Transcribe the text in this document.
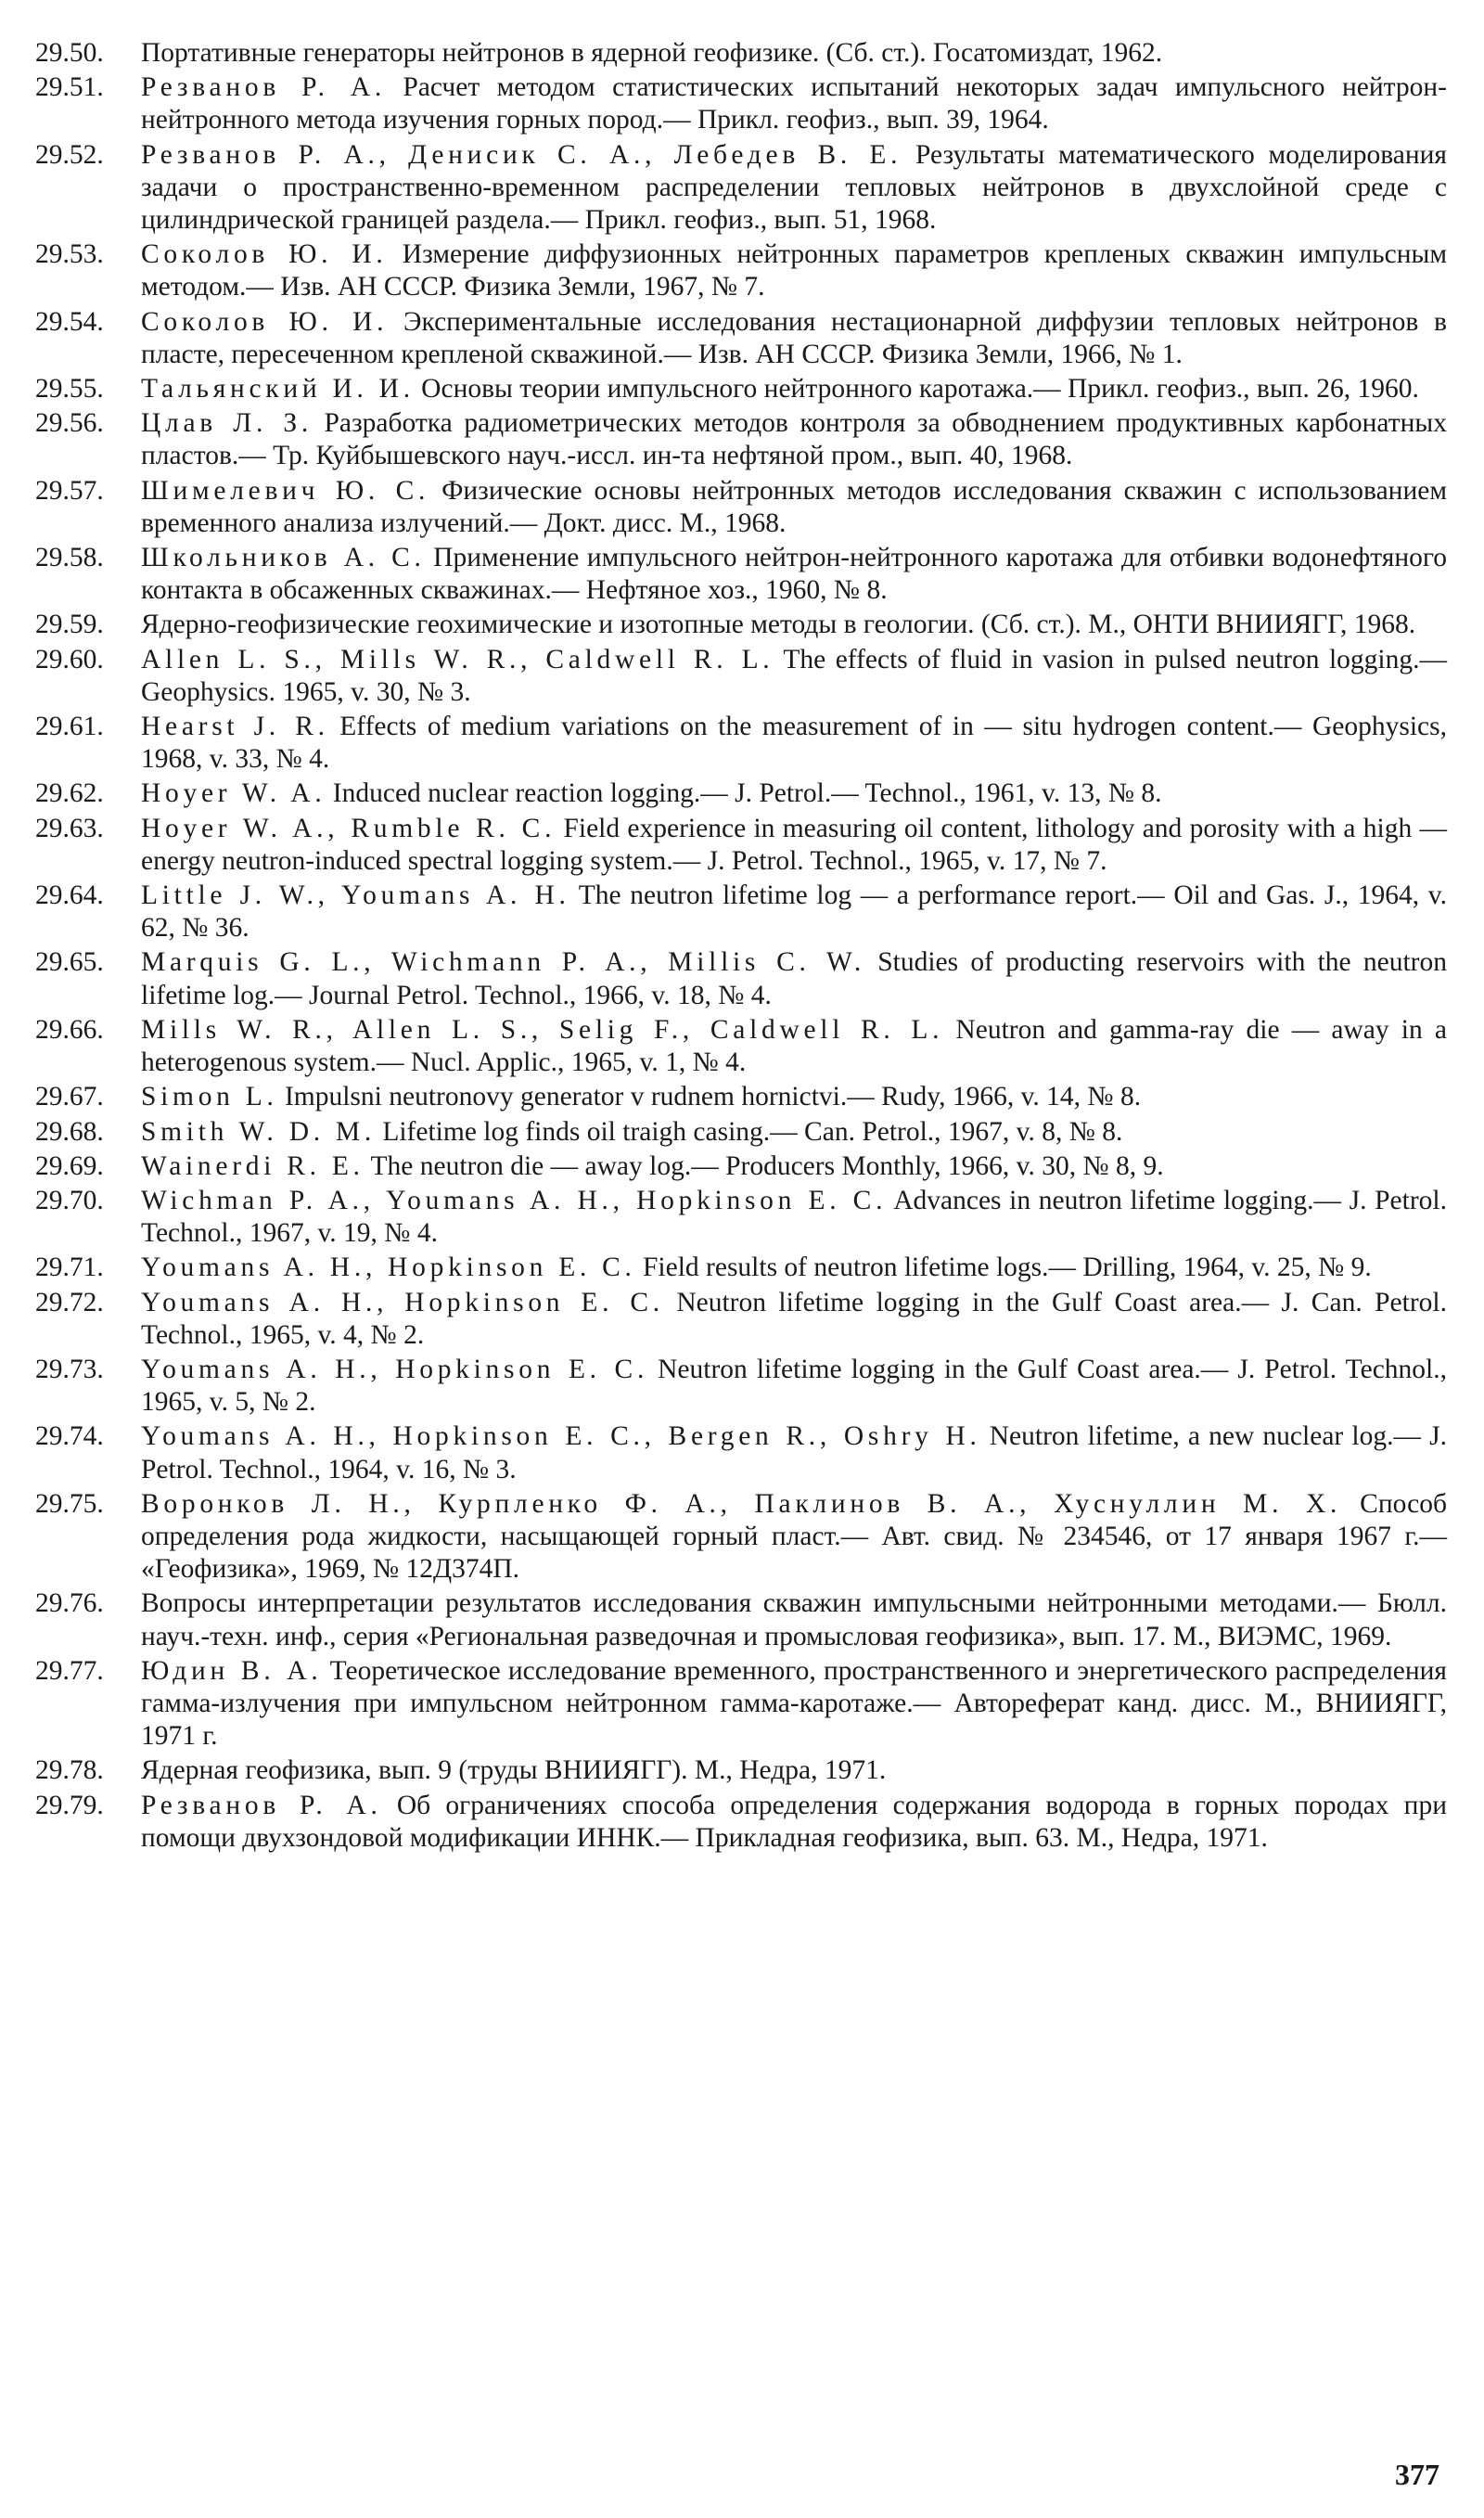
29.50.	Портативные генераторы нейтронов в ядерной геофизике. (Сб. ст.). Госатомиздат, 1962.
29.51.	Резванов Р. А. Расчет методом статистических испытаний некоторых задач импульсного нейтрон-нейтронного метода изучения горных пород.— Прикл. геофиз., вып. 39, 1964.
29.52.	Резванов Р. А., Денисик С. А., Лебедев В. Е. Результаты математического моделирования задачи о пространственно-временном распределении тепловых нейтронов в двухслойной среде с цилиндрической границей раздела.— Прикл. геофиз., вып. 51, 1968.
29.53.	Соколов Ю. И. Измерение диффузионных нейтронных параметров крепленых скважин импульсным методом.— Изв. АН СССР. Физика Земли, 1967, № 7.
29.54.	Соколов Ю. И. Экспериментальные исследования нестационарной диффузии тепловых нейтронов в пласте, пересеченном крепленой скважиной.— Изв. АН СССР. Физика Земли, 1966, № 1.
29.55.	Тальянский И. И. Основы теории импульсного нейтронного каротажа.— Прикл. геофиз., вып. 26, 1960.
29.56.	Цлав Л. З. Разработка радиометрических методов контроля за обводнением продуктивных карбонатных пластов.— Тр. Куйбышевского науч.-иссл. ин-та нефтяной пром., вып. 40, 1968.
29.57.	Шимелевич Ю. С. Физические основы нейтронных методов исследования скважин с использованием временного анализа излучений.— Докт. дисс. М., 1968.
29.58.	Школьников А. С. Применение импульсного нейтрон-нейтронного каротажа для отбивки водонефтяного контакта в обсаженных скважинах.— Нефтяное хоз., 1960, № 8.
29.59.	Ядерно-геофизические геохимические и изотопные методы в геологии. (Сб. ст.). М., ОНТИ ВНИИЯГГ, 1968.
29.60.	Allen L. S., Mills W. R., Caldwell R. L. The effects of fluid in vasion in pulsed neutron logging.— Geophysics. 1965, v. 30, № 3.
29.61.	Hearst J. R. Effects of medium variations on the measurement of in — situ hydrogen content.— Geophysics, 1968, v. 33, № 4.
29.62.	Hoyer W. A. Induced nuclear reaction logging.— J. Petrol.— Technol., 1961, v. 13, № 8.
29.63.	Hoyer W. A., Rumble R. C. Field experience in measuring oil content, lithology and porosity with a high — energy neutron-induced spectral logging system.— J. Petrol. Technol., 1965, v. 17, № 7.
29.64.	Little J. W., Youmans A. H. The neutron lifetime log — a performance report.— Oil and Gas. J., 1964, v. 62, № 36.
29.65.	Marquis G. L., Wichmann P. A., Millis C. W. Studies of producting reservoirs with the neutron lifetime log.— Journal Petrol. Technol., 1966, v. 18, № 4.
29.66.	Mills W. R., Allen L. S., Selig F., Caldwell R. L. Neutron and gamma-ray die — away in a heterogenous system.— Nucl. Applic., 1965, v. 1, № 4.
29.67.	Simon L. Impulsni neutronovy generator v rudnem hornictvi.— Rudy, 1966, v. 14, № 8.
29.68.	Smith W. D. M. Lifetime log finds oil traigh casing.— Can. Petrol., 1967, v. 8, № 8.
29.69.	Wainerdi R. E. The neutron die — away log.— Producers Monthly, 1966, v. 30, № 8, 9.
29.70.	Wichman P. A., Youmans A. H., Hopkinson E. C. Advances in neutron lifetime logging.— J. Petrol. Technol., 1967, v. 19, № 4.
29.71.	Youmans A. H., Hopkinson E. C. Field results of neutron lifetime logs.— Drilling, 1964, v. 25, № 9.
29.72.	Youmans A. H., Hopkinson E. C. Neutron lifetime logging in the Gulf Coast area.— J. Can. Petrol. Technol., 1965, v. 4, № 2.
29.73.	Youmans A. H., Hopkinson E. C. Neutron lifetime logging in the Gulf Coast area.— J. Petrol. Technol., 1965, v. 5, № 2.
29.74.	Youmans A. H., Hopkinson E. C., Bergen R., Oshry H. Neutron lifetime, a new nuclear log.— J. Petrol. Technol., 1964, v. 16, № 3.
29.75.	Воронков Л. Н., Курпленко Ф. А., Паклинов В. А., Хуснуллин М. Х. Способ определения рода жидкости, насыщающей горный пласт.— Авт. свид. № 234546, от 17 января 1967 г.— «Геофизика», 1969, № 12Д374П.
29.76.	Вопросы интерпретации результатов исследования скважин импульсными нейтронными методами.— Бюлл. науч.-техн. инф., серия «Региональная разведочная и промысловая геофизика», вып. 17. М., ВИЭМС, 1969.
29.77.	Юдин В. А. Теоретическое исследование временного, пространственного и энергетического распределения гамма-излучения при импульсном нейтронном гамма-каротаже.— Автореферат канд. дисс. М., ВНИИЯГГ, 1971 г.
29.78.	Ядерная геофизика, вып. 9 (труды ВНИИЯГГ). М., Недра, 1971.
29.79.	Резванов Р. А. Об ограничениях способа определения содержания водорода в горных породах при помощи двухзондовой модификации ИННК.— Прикладная геофизика, вып. 63. М., Недра, 1971.
377
